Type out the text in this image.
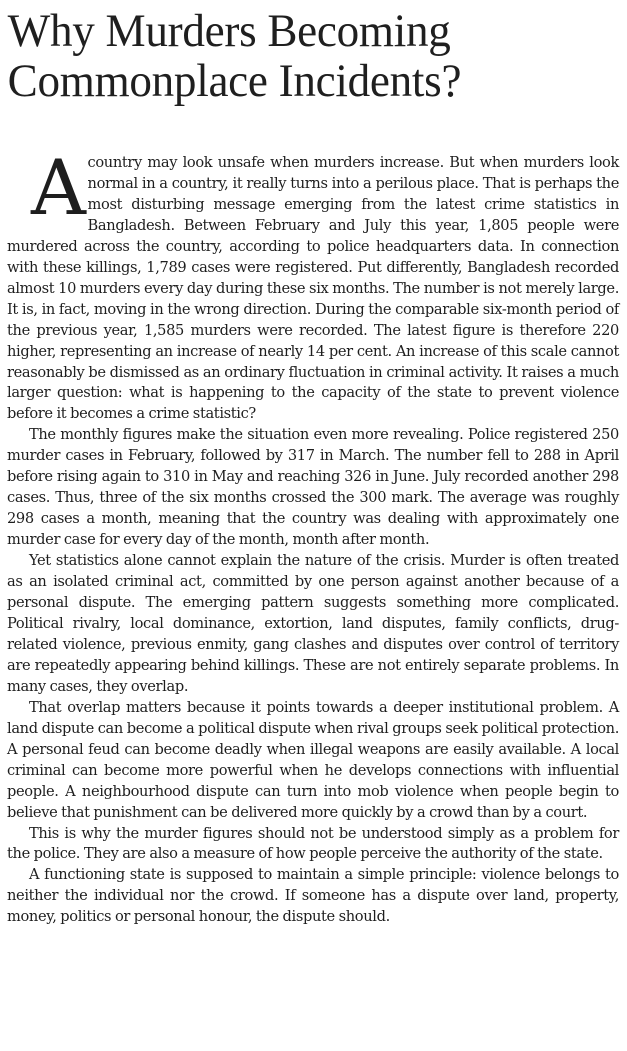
Why Murders Becoming Commonplace Incidents?

Acountry may look unsafe when murders increase. But when murders look normal in a country, it really turns into a perilous place. That is perhaps the most disturbing message emerging from the latest crime statistics in Bangladesh. Between February and July this year, 1,805 people were murdered across the country, according to police headquarters data. In connection with these killings, 1,789 cases were registered. Put differently, Bangladesh recorded almost 10 murders every day during these six months. The number is not merely large. It is, in fact, moving in the wrong direction. During the comparable six-month period of the previous year, 1,585 murders were recorded. The latest figure is therefore 220 higher, representing an increase of nearly 14 per cent. An increase of this scale cannot reasonably be dismissed as an ordinary fluctuation in criminal activity. It raises a much larger question: what is happening to the capacity of the state to prevent violence before it becomes a crime statistic?

The monthly figures make the situation even more revealing. Police registered 250 murder cases in February, followed by 317 in March. The number fell to 288 in April before rising again to 310 in May and reaching 326 in June. July recorded another 298 cases. Thus, three of the six months crossed the 300 mark. The average was roughly 298 cases a month, meaning that the country was dealing with approximately one murder case for every day of the month, month after month.

Yet statistics alone cannot explain the nature of the crisis. Murder is often treated as an isolated criminal act, committed by one person against another because of a personal dispute. The emerging pattern suggests something more complicated. Political rivalry, local dominance, extortion, land disputes, family conflicts, drug-related violence, previous enmity, gang clashes and disputes over control of territory are repeatedly appearing behind killings. These are not entirely separate problems. In many cases, they overlap.

That overlap matters because it points towards a deeper institutional problem. A land dispute can become a political dispute when rival groups seek political protection. A personal feud can become deadly when illegal weapons are easily available. A local criminal can become more powerful when he develops connections with influential people. A neighbourhood dispute can turn into mob violence when people begin to believe that punishment can be delivered more quickly by a crowd than by a court.

This is why the murder figures should not be understood simply as a problem for the police. They are also a measure of how people perceive the authority of the state.

A functioning state is supposed to maintain a simple principle: violence belongs to neither the individual nor the crowd. If someone has a dispute over land, property, money, politics or personal honour, the dispute should.
